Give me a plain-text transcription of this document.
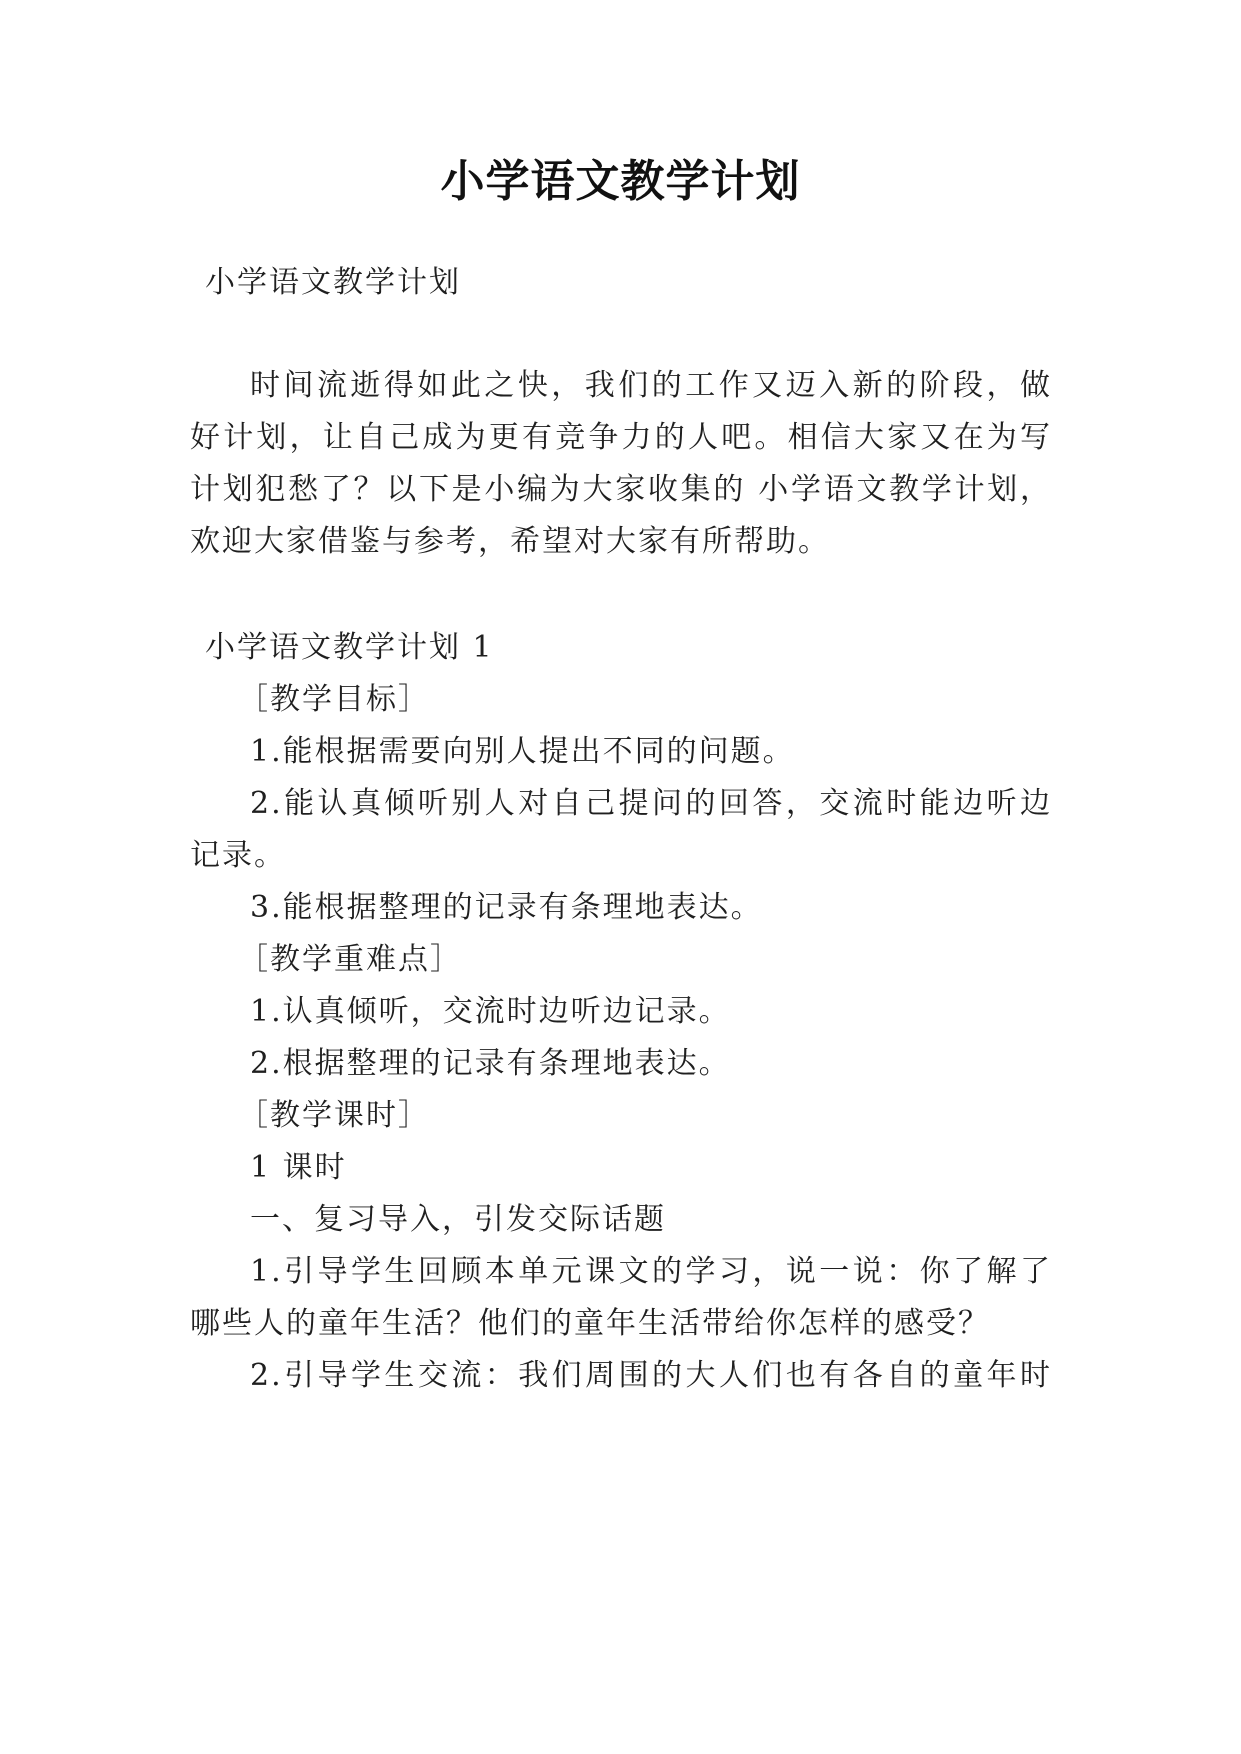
小学语文教学计划

小学语文教学计划

时间流逝得如此之快，我们的工作又迈入新的阶段，做

好计划，让自己成为更有竞争力的人吧。相信大家又在为写

计划犯愁了？以下是小编为大家收集的 小学语文教学计划，

欢迎大家借鉴与参考，希望对大家有所帮助。

小学语文教学计划 1

［教学目标］

1.能根据需要向别人提出不同的问题。

2.能认真倾听别人对自己提问的回答，交流时能边听边

记录。

3.能根据整理的记录有条理地表达。

［教学重难点］

1.认真倾听，交流时边听边记录。

2.根据整理的记录有条理地表达。

［教学课时］

1 课时

一、复习导入，引发交际话题

1.引导学生回顾本单元课文的学习，说一说：你了解了

哪些人的童年生活？他们的童年生活带给你怎样的感受？

2.引导学生交流：我们周围的大人们也有各自的童年时
